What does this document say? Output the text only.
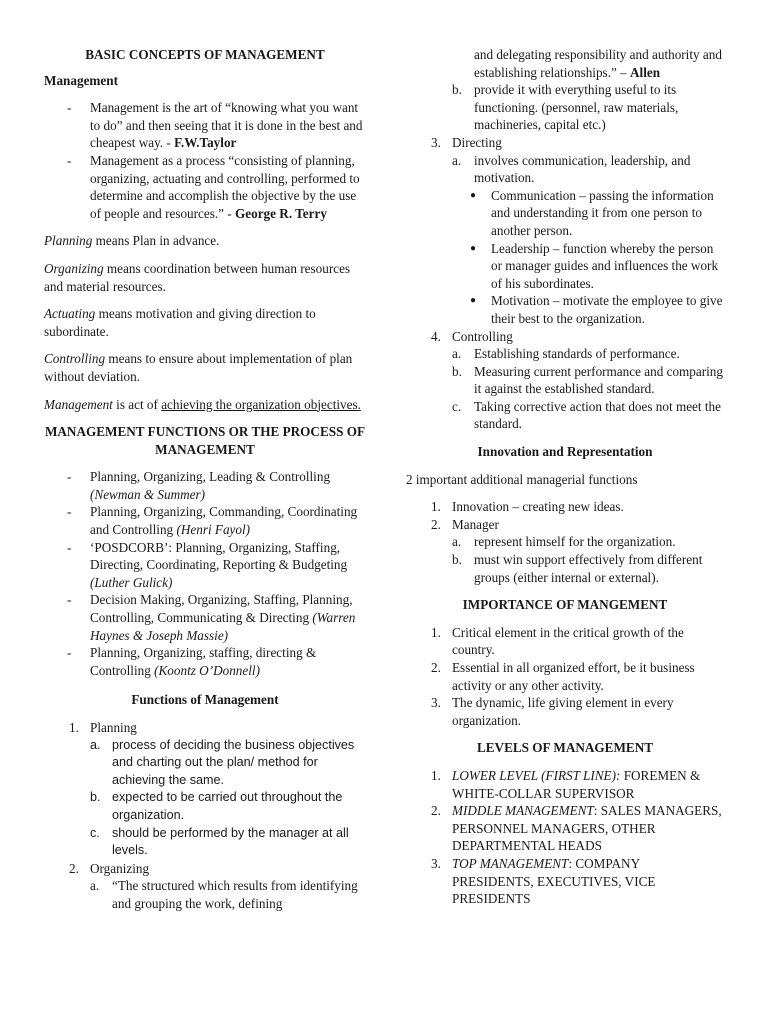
BASIC CONCEPTS OF MANAGEMENT

Management

- Management is the art of “knowing what you want to do” and then seeing that it is done in the best and cheapest way. - F.W.Taylor
- Management as a process “consisting of planning, organizing, actuating and controlling, performed to determine and accomplish the objective by the use of people and resources.” - George R. Terry

Planning means Plan in advance.

Organizing means coordination between human resources and material resources.

Actuating means motivation and giving direction to subordinate.

Controlling means to ensure about implementation of plan without deviation.

Management is act of achieving the organization objectives.

MANAGEMENT FUNCTIONS OR THE PROCESS OF MANAGEMENT

- Planning, Organizing, Leading & Controlling (Newman & Summer)
- Planning, Organizing, Commanding, Coordinating and Controlling (Henri Fayol)
- ‘POSDCORB’: Planning, Organizing, Staffing, Directing, Coordinating, Reporting & Budgeting (Luther Gulick)
- Decision Making, Organizing, Staffing, Planning, Controlling, Communicating & Directing (Warren Haynes & Joseph Massie)
- Planning, Organizing, staffing, directing & Controlling (Koontz O’Donnell)

Functions of Management

1. Planning
a. process of deciding the business objectives and charting out the plan/ method for achieving the same.
b. expected to be carried out throughout the organization.
c. should be performed by the manager at all levels.
2. Organizing
a. “The structured which results from identifying and grouping the work, defining
and delegating responsibility and authority and establishing relationships.” – Allen
b. provide it with everything useful to its functioning. (personnel, raw materials, machineries, capital etc.)
3. Directing
a. involves communication, leadership, and motivation.
● Communication – passing the information and understanding it from one person to another person.
● Leadership – function whereby the person or manager guides and influences the work of his subordinates.
● Motivation – motivate the employee to give their best to the organization.
4. Controlling
a. Establishing standards of performance.
b. Measuring current performance and comparing it against the established standard.
c. Taking corrective action that does not meet the standard.

Innovation and Representation

2 important additional managerial functions

1. Innovation – creating new ideas.
2. Manager
a. represent himself for the organization.
b. must win support effectively from different groups (either internal or external).

IMPORTANCE OF MANGEMENT

1. Critical element in the critical growth of the country.
2. Essential in all organized effort, be it business activity or any other activity.
3. The dynamic, life giving element in every organization.

LEVELS OF MANAGEMENT

1. LOWER LEVEL (FIRST LINE): FOREMEN & WHITE-COLLAR SUPERVISOR
2. MIDDLE MANAGEMENT: SALES MANAGERS, PERSONNEL MANAGERS, OTHER DEPARTMENTAL HEADS
3. TOP MANAGEMENT: COMPANY PRESIDENTS, EXECUTIVES, VICE PRESIDENTS
